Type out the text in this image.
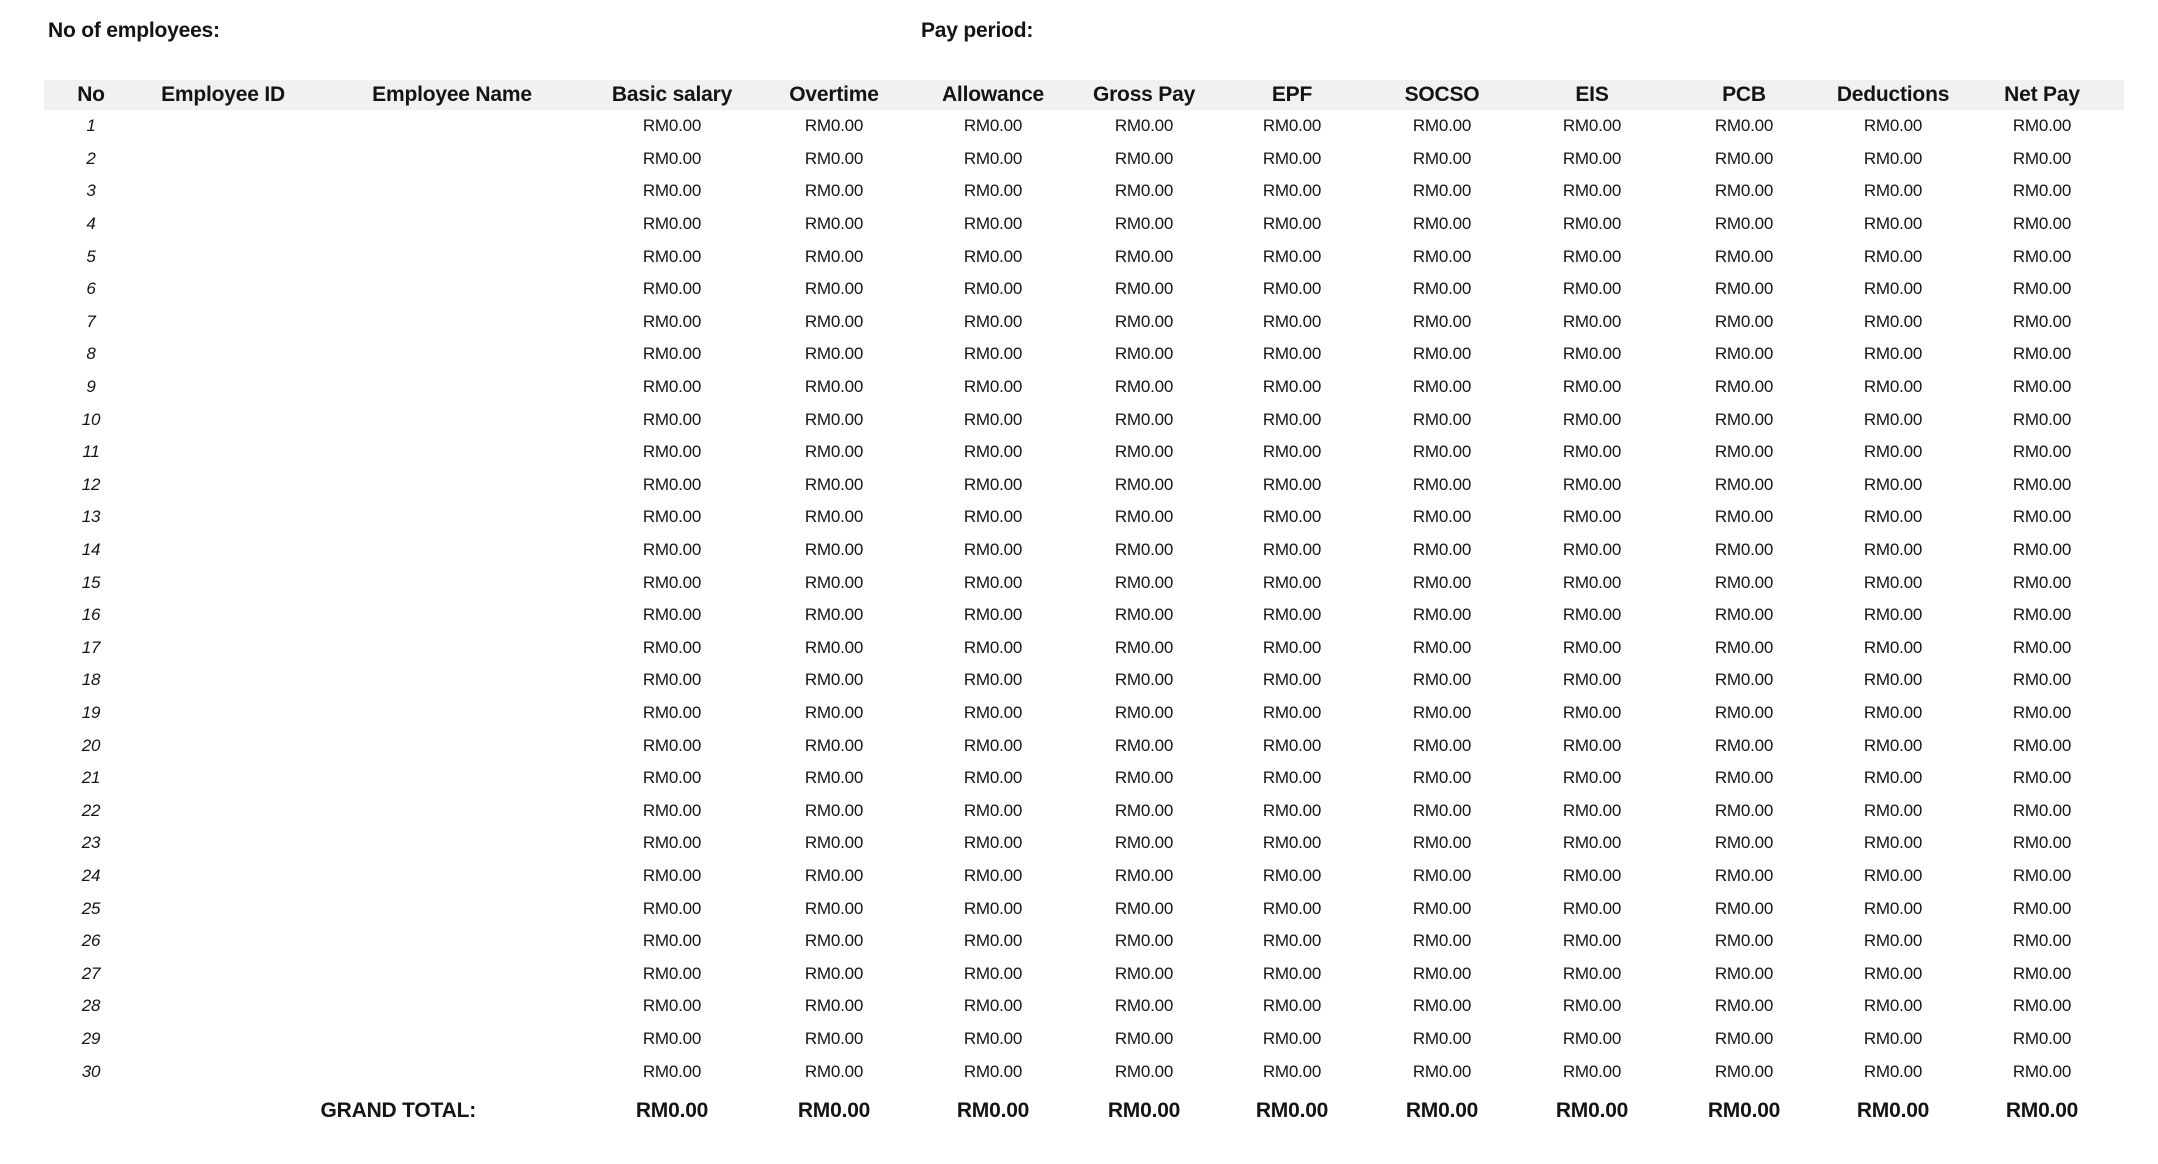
No of employees:	Pay period:
No	Employee ID	Employee Name	Basic salary	Overtime	Allowance	Gross Pay	EPF	SOCSO	EIS	PCB	Deductions	Net Pay
1			RM0.00	RM0.00	RM0.00	RM0.00	RM0.00	RM0.00	RM0.00	RM0.00	RM0.00	RM0.00
2			RM0.00	RM0.00	RM0.00	RM0.00	RM0.00	RM0.00	RM0.00	RM0.00	RM0.00	RM0.00
3			RM0.00	RM0.00	RM0.00	RM0.00	RM0.00	RM0.00	RM0.00	RM0.00	RM0.00	RM0.00
4			RM0.00	RM0.00	RM0.00	RM0.00	RM0.00	RM0.00	RM0.00	RM0.00	RM0.00	RM0.00
5			RM0.00	RM0.00	RM0.00	RM0.00	RM0.00	RM0.00	RM0.00	RM0.00	RM0.00	RM0.00
6			RM0.00	RM0.00	RM0.00	RM0.00	RM0.00	RM0.00	RM0.00	RM0.00	RM0.00	RM0.00
7			RM0.00	RM0.00	RM0.00	RM0.00	RM0.00	RM0.00	RM0.00	RM0.00	RM0.00	RM0.00
8			RM0.00	RM0.00	RM0.00	RM0.00	RM0.00	RM0.00	RM0.00	RM0.00	RM0.00	RM0.00
9			RM0.00	RM0.00	RM0.00	RM0.00	RM0.00	RM0.00	RM0.00	RM0.00	RM0.00	RM0.00
10			RM0.00	RM0.00	RM0.00	RM0.00	RM0.00	RM0.00	RM0.00	RM0.00	RM0.00	RM0.00
11			RM0.00	RM0.00	RM0.00	RM0.00	RM0.00	RM0.00	RM0.00	RM0.00	RM0.00	RM0.00
12			RM0.00	RM0.00	RM0.00	RM0.00	RM0.00	RM0.00	RM0.00	RM0.00	RM0.00	RM0.00
13			RM0.00	RM0.00	RM0.00	RM0.00	RM0.00	RM0.00	RM0.00	RM0.00	RM0.00	RM0.00
14			RM0.00	RM0.00	RM0.00	RM0.00	RM0.00	RM0.00	RM0.00	RM0.00	RM0.00	RM0.00
15			RM0.00	RM0.00	RM0.00	RM0.00	RM0.00	RM0.00	RM0.00	RM0.00	RM0.00	RM0.00
16			RM0.00	RM0.00	RM0.00	RM0.00	RM0.00	RM0.00	RM0.00	RM0.00	RM0.00	RM0.00
17			RM0.00	RM0.00	RM0.00	RM0.00	RM0.00	RM0.00	RM0.00	RM0.00	RM0.00	RM0.00
18			RM0.00	RM0.00	RM0.00	RM0.00	RM0.00	RM0.00	RM0.00	RM0.00	RM0.00	RM0.00
19			RM0.00	RM0.00	RM0.00	RM0.00	RM0.00	RM0.00	RM0.00	RM0.00	RM0.00	RM0.00
20			RM0.00	RM0.00	RM0.00	RM0.00	RM0.00	RM0.00	RM0.00	RM0.00	RM0.00	RM0.00
21			RM0.00	RM0.00	RM0.00	RM0.00	RM0.00	RM0.00	RM0.00	RM0.00	RM0.00	RM0.00
22			RM0.00	RM0.00	RM0.00	RM0.00	RM0.00	RM0.00	RM0.00	RM0.00	RM0.00	RM0.00
23			RM0.00	RM0.00	RM0.00	RM0.00	RM0.00	RM0.00	RM0.00	RM0.00	RM0.00	RM0.00
24			RM0.00	RM0.00	RM0.00	RM0.00	RM0.00	RM0.00	RM0.00	RM0.00	RM0.00	RM0.00
25			RM0.00	RM0.00	RM0.00	RM0.00	RM0.00	RM0.00	RM0.00	RM0.00	RM0.00	RM0.00
26			RM0.00	RM0.00	RM0.00	RM0.00	RM0.00	RM0.00	RM0.00	RM0.00	RM0.00	RM0.00
27			RM0.00	RM0.00	RM0.00	RM0.00	RM0.00	RM0.00	RM0.00	RM0.00	RM0.00	RM0.00
28			RM0.00	RM0.00	RM0.00	RM0.00	RM0.00	RM0.00	RM0.00	RM0.00	RM0.00	RM0.00
29			RM0.00	RM0.00	RM0.00	RM0.00	RM0.00	RM0.00	RM0.00	RM0.00	RM0.00	RM0.00
30			RM0.00	RM0.00	RM0.00	RM0.00	RM0.00	RM0.00	RM0.00	RM0.00	RM0.00	RM0.00
GRAND TOTAL:			RM0.00	RM0.00	RM0.00	RM0.00	RM0.00	RM0.00	RM0.00	RM0.00	RM0.00	RM0.00
